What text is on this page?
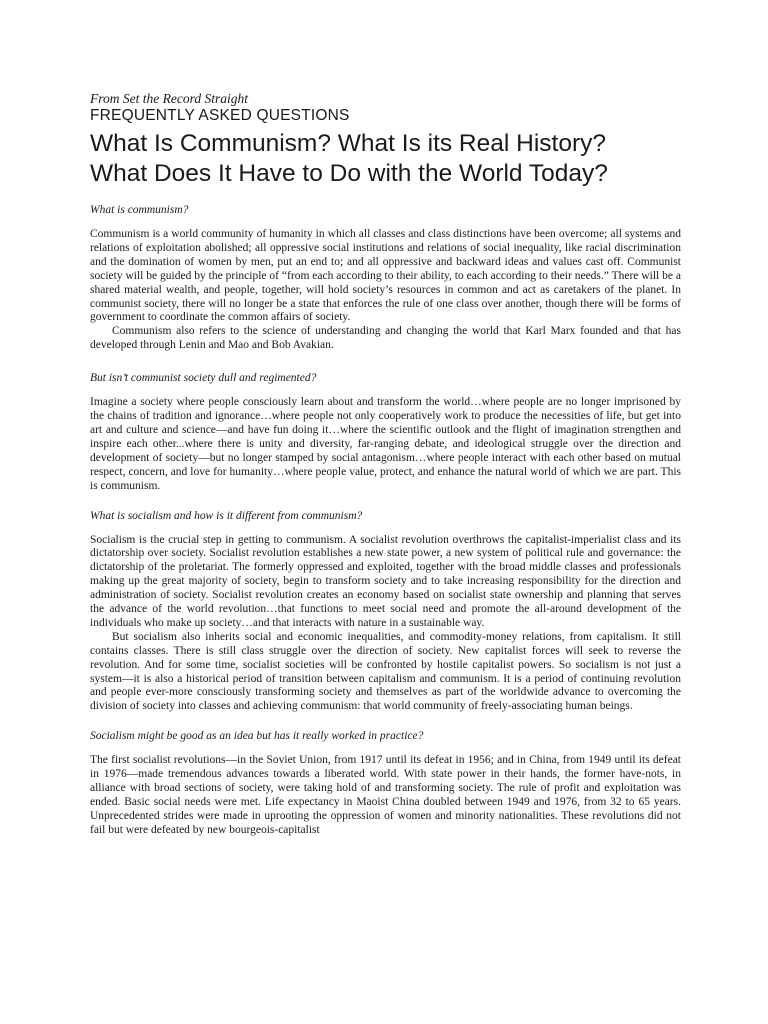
From Set the Record Straight

FREQUENTLY ASKED QUESTIONS

What Is Communism? What Is its Real History?
What Does It Have to Do with the World Today?

What is communism?

Communism is a world community of humanity in which all classes and class distinctions have been overcome; all systems and relations of exploitation abolished; all oppressive social institutions and relations of social inequality, like racial discrimination and the domination of women by men, put an end to; and all oppressive and backward ideas and values cast off. Communist society will be guided by the principle of “from each according to their ability, to each according to their needs.” There will be a shared material wealth, and people, together, will hold society’s resources in common and act as caretakers of the planet. In communist society, there will no longer be a state that enforces the rule of one class over another, though there will be forms of government to coordinate the common affairs of society.

Communism also refers to the science of understanding and changing the world that Karl Marx founded and that has developed through Lenin and Mao and Bob Avakian.

But isn’t communist society dull and regimented?

Imagine a society where people consciously learn about and transform the world…where people are no longer imprisoned by the chains of tradition and ignorance…where people not only cooperatively work to produce the necessities of life, but get into art and culture and science—and have fun doing it…where the scientific outlook and the flight of imagination strengthen and inspire each other...where there is unity and diversity, far-ranging debate, and ideological struggle over the direction and development of society—but no longer stamped by social antagonism…where people interact with each other based on mutual respect, concern, and love for humanity…where people value, protect, and enhance the natural world of which we are part. This is communism.

What is socialism and how is it different from communism?

Socialism is the crucial step in getting to communism. A socialist revolution overthrows the capitalist-imperialist class and its dictatorship over society. Socialist revolution establishes a new state power, a new system of political rule and governance: the dictatorship of the proletariat. The formerly oppressed and exploited, together with the broad middle classes and professionals making up the great majority of society, begin to transform society and to take increasing responsibility for the direction and administration of society. Socialist revolution creates an economy based on socialist state ownership and planning that serves the advance of the world revolution…that functions to meet social need and promote the all-around development of the individuals who make up society…and that interacts with nature in a sustainable way.

But socialism also inherits social and economic inequalities, and commodity-money relations, from capitalism. It still contains classes. There is still class struggle over the direction of society. New capitalist forces will seek to reverse the revolution. And for some time, socialist societies will be confronted by hostile capitalist powers. So socialism is not just a system—it is also a historical period of transition between capitalism and communism. It is a period of continuing revolution and people ever-more consciously transforming society and themselves as part of the worldwide advance to overcoming the division of society into classes and achieving communism: that world community of freely-associating human beings.

Socialism might be good as an idea but has it really worked in practice?

The first socialist revolutions—in the Soviet Union, from 1917 until its defeat in 1956; and in China, from 1949 until its defeat in 1976—made tremendous advances towards a liberated world. With state power in their hands, the former have-nots, in alliance with broad sections of society, were taking hold of and transforming society. The rule of profit and exploitation was ended. Basic social needs were met. Life expectancy in Maoist China doubled between 1949 and 1976, from 32 to 65 years. Unprecedented strides were made in uprooting the oppression of women and minority nationalities. These revolutions did not fail but were defeated by new bourgeois-capitalist
